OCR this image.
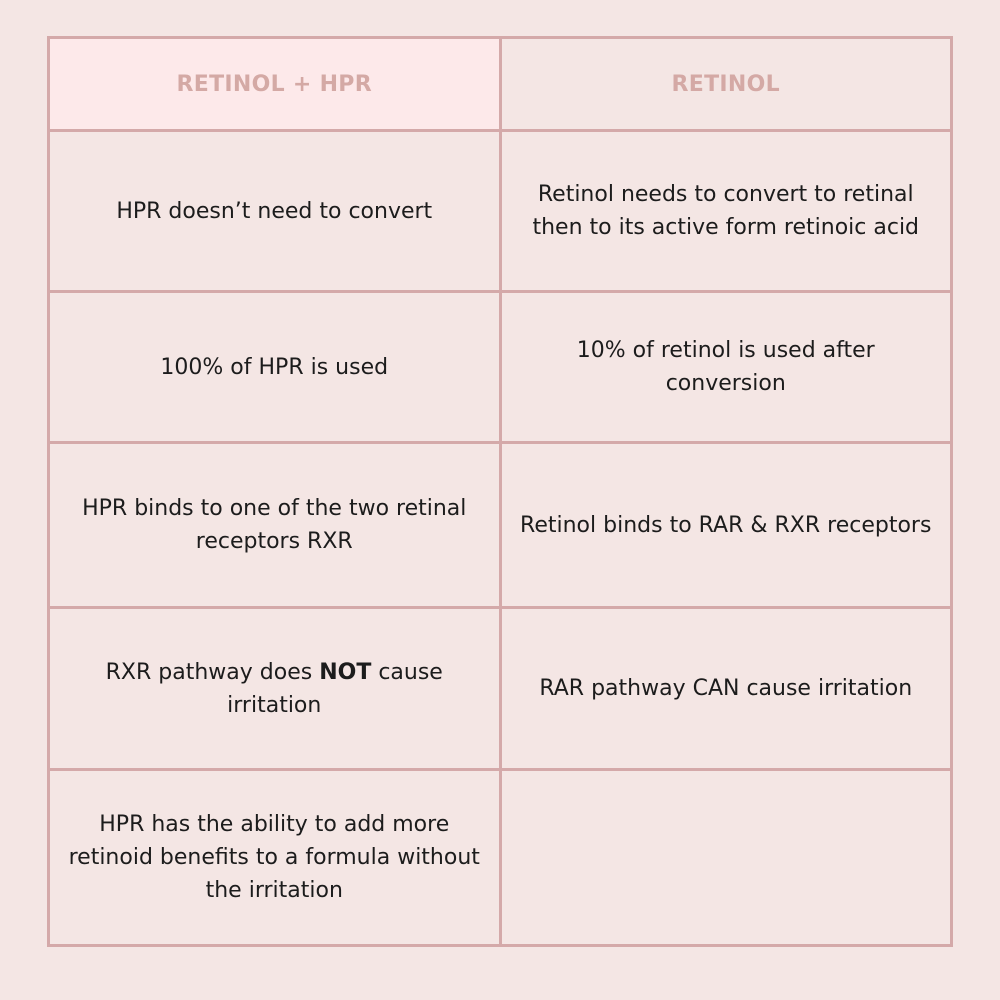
RETINOL + HPR	RETINOL
HPR doesn’t need to convert	Retinol needs to convert to retinal then to its active form retinoic acid
100% of HPR is used	10% of retinol is used after conversion
HPR binds to one of the two retinal receptors RXR	Retinol binds to RAR & RXR receptors
RXR pathway does NOT cause irritation	RAR pathway CAN cause irritation
HPR has the ability to add more retinoid benefits to a formula without the irritation	
